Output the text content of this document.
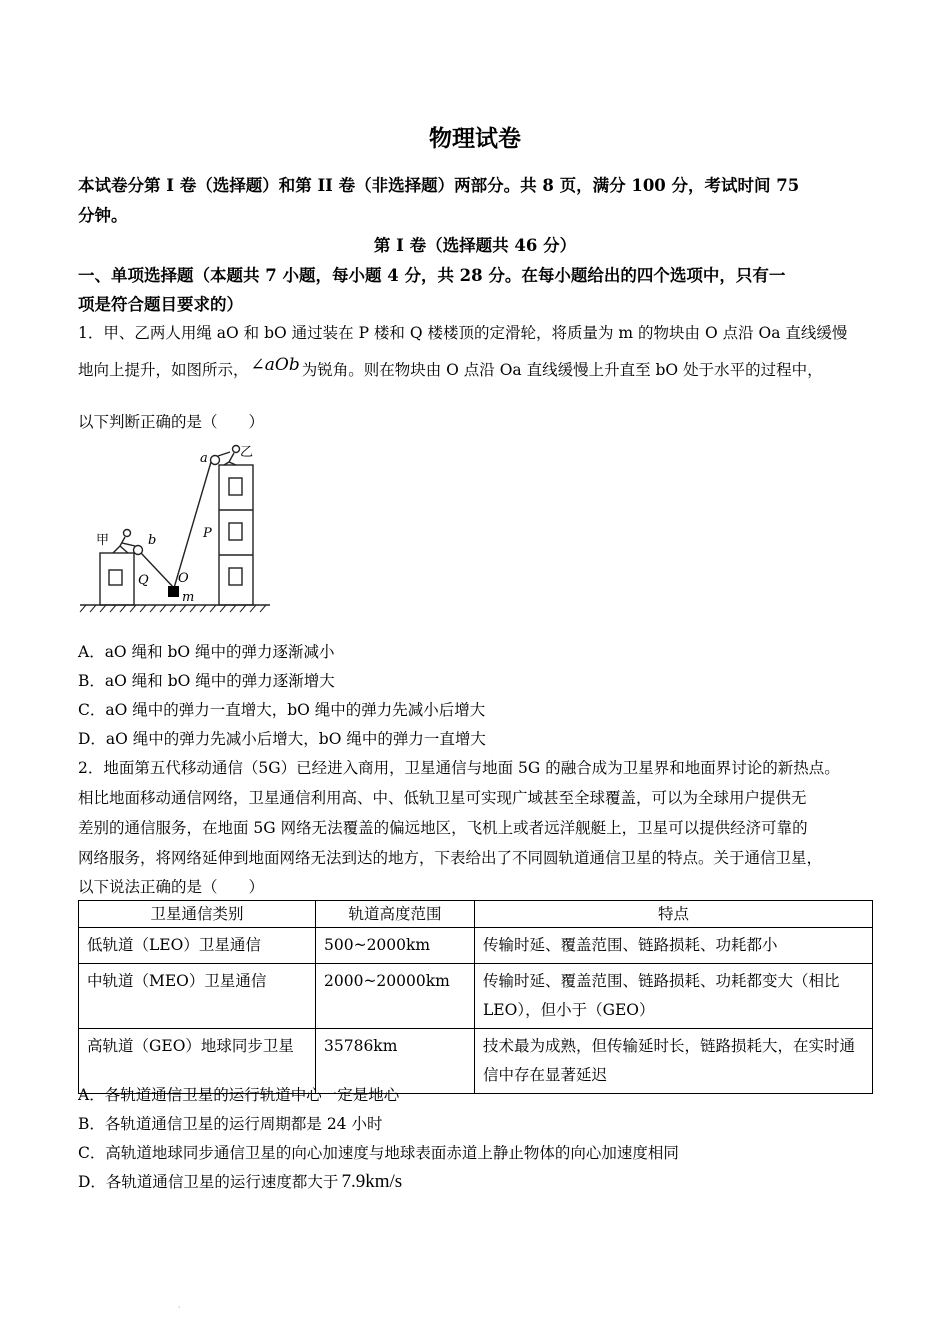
物理试卷
本试卷分第 I 卷（选择题）和第 II 卷（非选择题）两部分。共 8 页，满分 100 分，考试时间 75
分钟。
第 I 卷（选择题共 46 分）
一、单项选择题（本题共 7 小题，每小题 4 分，共 28 分。在每小题给出的四个选项中，只有一
项是符合题目要求的）
1．甲、乙两人用绳 aO 和 bO 通过装在 P 楼和 Q 楼楼顶的定滑轮，将质量为 m 的物块由 O 点沿 Oa 直线缓慢
地向上提升，如图所示， ∠aOb 为锐角。则在物块由 O 点沿 Oa 直线缓慢上升直至 bO 处于水平的过程中，
以下判断正确的是（　　）
a 乙
b
甲	P
Q O
m
A．aO 绳和 bO 绳中的弹力逐渐减小
B．aO 绳和 bO 绳中的弹力逐渐增大
C．aO 绳中的弹力一直增大，bO 绳中的弹力先减小后增大
D．aO 绳中的弹力先减小后增大，bO 绳中的弹力一直增大
2．地面第五代移动通信（5G）已经进入商用，卫星通信与地面 5G 的融合成为卫星界和地面界讨论的新热点。
相比地面移动通信网络，卫星通信利用高、中、低轨卫星可实现广域甚至全球覆盖，可以为全球用户提供无
差别的通信服务，在地面 5G 网络无法覆盖的偏远地区，飞机上或者远洋舰艇上，卫星可以提供经济可靠的
网络服务，将网络延伸到地面网络无法到达的地方，下表给出了不同圆轨道通信卫星的特点。关于通信卫星，
以下说法正确的是（　　）
卫星通信类别	轨道高度范围	特点
低轨道（LEO）卫星通信	500~2000km	传输时延、覆盖范围、链路损耗、功耗都小
中轨道（MEO）卫星通信	2000~20000km	传输时延、覆盖范围、链路损耗、功耗都变大（相比 LEO），但小于（GEO）
高轨道（GEO）地球同步卫星	35786km	技术最为成熟，但传输延时长，链路损耗大，在实时通信中存在显著延迟
A．各轨道通信卫星的运行轨道中心一定是地心
B．各轨道通信卫星的运行周期都是 24 小时
C．高轨道地球同步通信卫星的向心加速度与地球表面赤道上静止物体的向心加速度相同
D．各轨道通信卫星的运行速度都大于 7.9km/s
·
